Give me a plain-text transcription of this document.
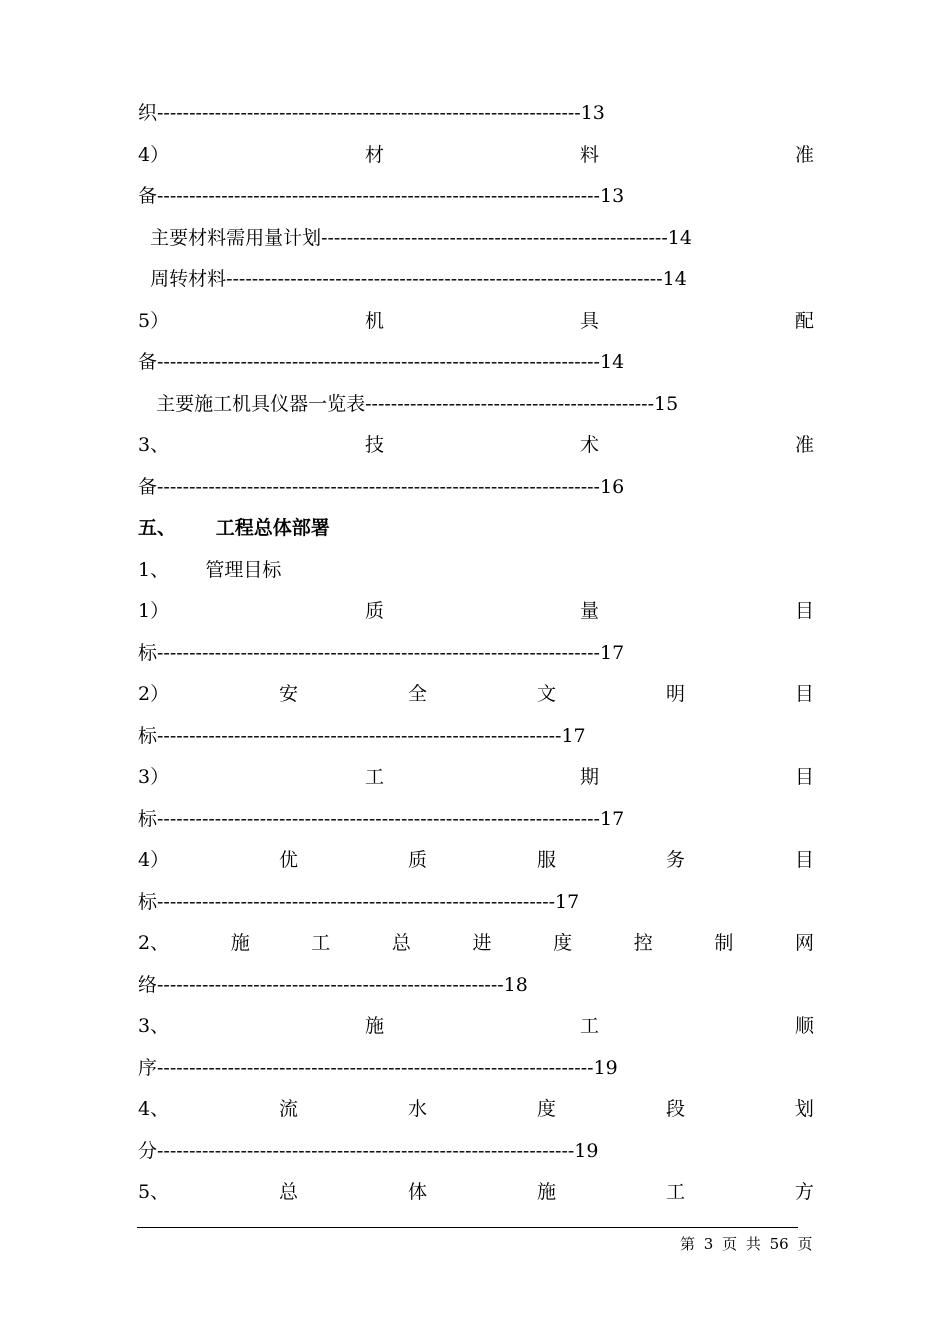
织------------------------------------------------------------------13
4）	材	料	准
备---------------------------------------------------------------------13
主要材料需用量计划------------------------------------------------------14
周转材料--------------------------------------------------------------------14
5）	机	具	配
备---------------------------------------------------------------------14
主要施工机具仪器一览表---------------------------------------------15
3、	技	术	准
备---------------------------------------------------------------------16
五、      工程总体部署
1、      管理目标
1）	质	量	目
标---------------------------------------------------------------------17
2）	安	全	文	明	目
标---------------------------------------------------------------17
3）	工	期	目
标---------------------------------------------------------------------17
4）	优	质	服	务	目
标--------------------------------------------------------------17
2、	施	工	总	进	度	控	制	网
络------------------------------------------------------18
3、	施	工	顺
序--------------------------------------------------------------------19
4、	流	水	度	段	划
分-----------------------------------------------------------------19
5、	总	体	施	工	方
第 3 页 共 56 页
